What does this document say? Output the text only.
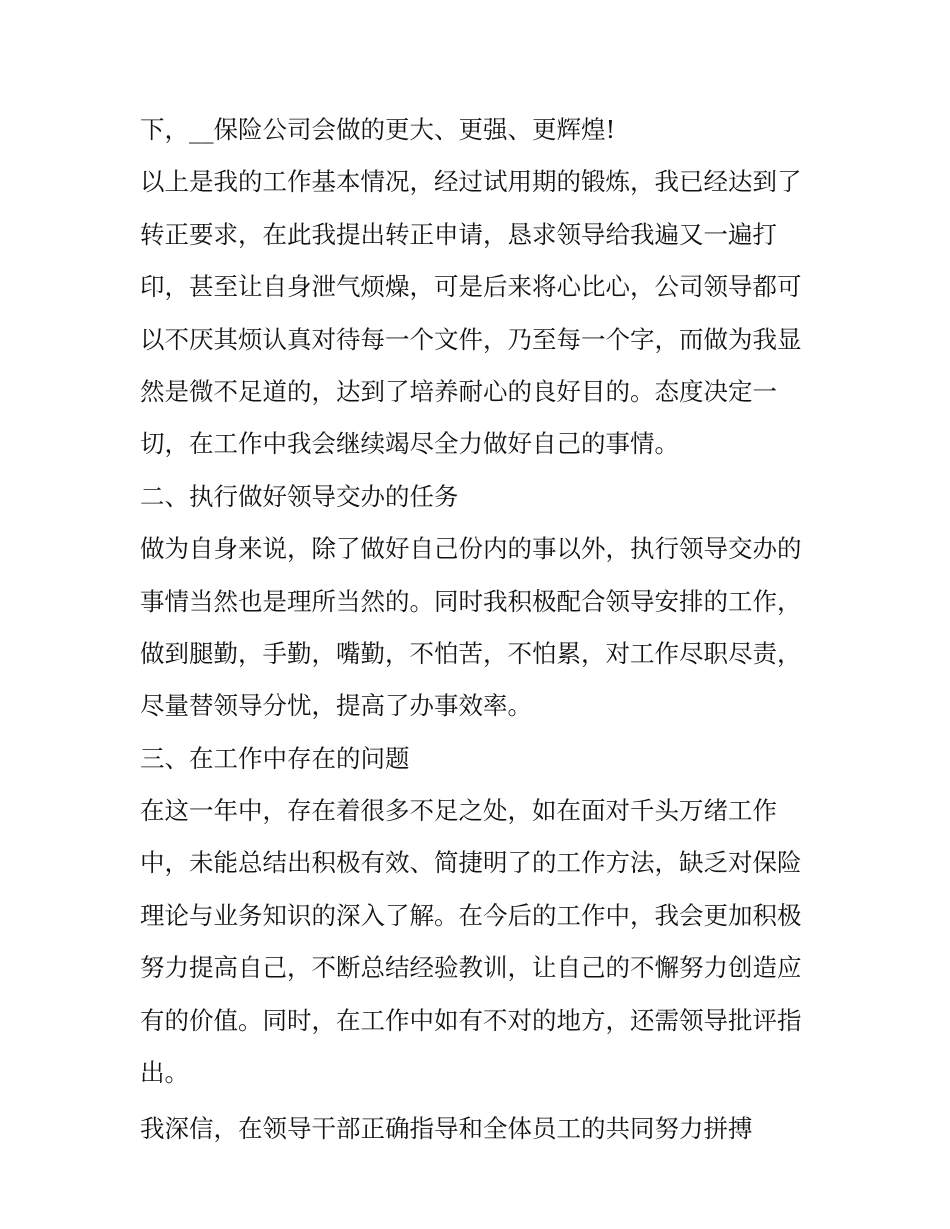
下，__保险公司会做的更大、更强、更辉煌!
以上是我的工作基本情况，经过试用期的锻炼，我已经达到了
转正要求，在此我提出转正申请，恳求领导给我遍又一遍打
印，甚至让自身泄气烦燥，可是后来将心比心，公司领导都可
以不厌其烦认真对待每一个文件，乃至每一个字，而做为我显
然是微不足道的，达到了培养耐心的良好目的。态度决定一
切，在工作中我会继续竭尽全力做好自己的事情。
二、执行做好领导交办的任务
做为自身来说，除了做好自己份内的事以外，执行领导交办的
事情当然也是理所当然的。同时我积极配合领导安排的工作，
做到腿勤，手勤，嘴勤，不怕苦，不怕累，对工作尽职尽责，
尽量替领导分忧，提高了办事效率。
三、在工作中存在的问题
在这一年中，存在着很多不足之处，如在面对千头万绪工作
中，未能总结出积极有效、简捷明了的工作方法，缺乏对保险
理论与业务知识的深入了解。在今后的工作中，我会更加积极
努力提高自己，不断总结经验教训，让自己的不懈努力创造应
有的价值。同时，在工作中如有不对的地方，还需领导批评指
出。
我深信，在领导干部正确指导和全体员工的共同努力拼搏
